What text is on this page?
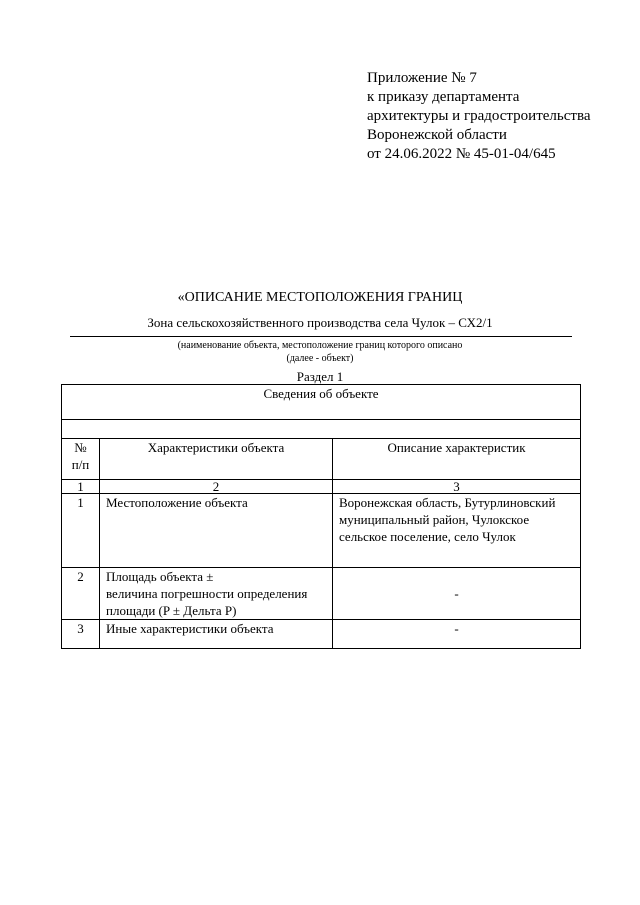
Приложение № 7
к приказу департамента
архитектуры и градостроительства
Воронежской области
от 24.06.2022 № 45-01-04/645
«ОПИСАНИЕ МЕСТОПОЛОЖЕНИЯ ГРАНИЦ
Зона сельскохозяйственного производства села Чулок – СХ2/1
(наименование объекта, местоположение границ которого описано
(далее - объект)
Раздел 1
Сведения об объекте		

№ п/п	Характеристики объекта	Описание характеристик
1	2	3
1	Местоположение объекта	Воронежская область, Бутурлиновский муниципальный район, Чулокское сельское поселение, село Чулок
2	Площадь объекта ±
величина погрешности определения
площади (P ± Дельта P)	-
3	Иные характеристики объекта	-
